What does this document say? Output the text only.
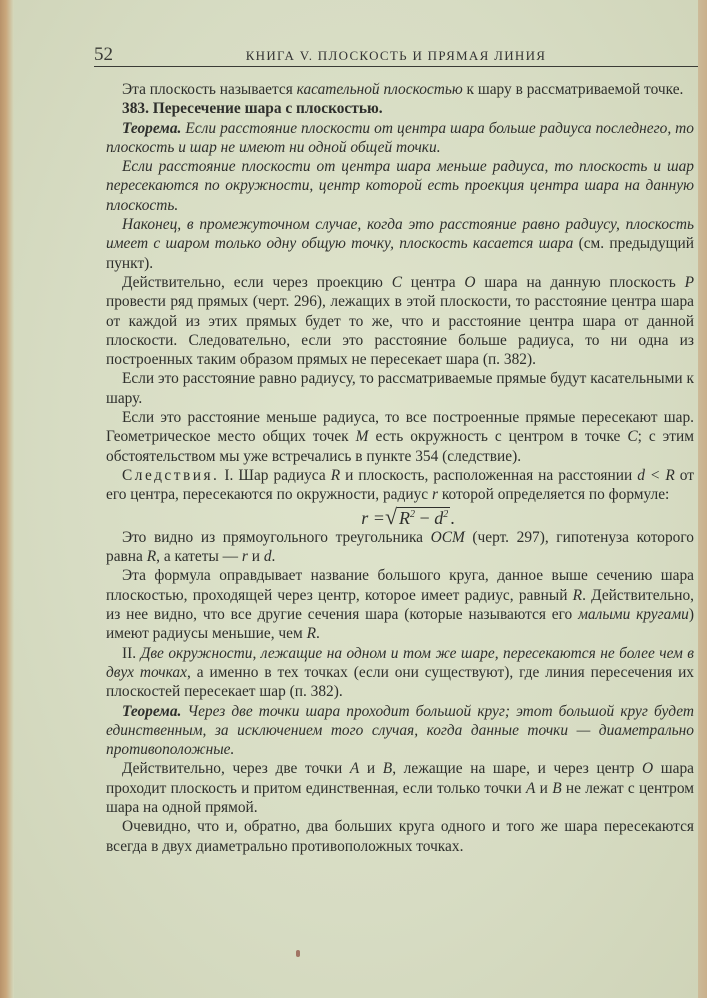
52	КНИГА V. ПЛОСКОСТЬ И ПРЯМАЯ ЛИНИЯ

Эта плоскость называется касательной плоскостью к шару в рассматриваемой точке.

383. Пересечение шара с плоскостью.

Теорема. Если расстояние плоскости от центра шара больше радиуса последнего, то плоскость и шар не имеют ни одной общей точки.

Если расстояние плоскости от центра шара меньше радиуса, то плоскость и шар пересекаются по окружности, центр которой есть проекция центра шара на данную плоскость.

Наконец, в промежуточном случае, когда это расстояние равно радиусу, плоскость имеет с шаром только одну общую точку, плоскость касается шара (см. предыдущий пункт).

Действительно, если через проекцию C центра O шара на данную плоскость P провести ряд прямых (черт. 296), лежащих в этой плоскости, то расстояние центра шара от каждой из этих прямых будет то же, что и расстояние центра шара от данной плоскости. Следовательно, если это расстояние больше радиуса, то ни одна из построенных таким образом прямых не пересекает шара (п. 382).

Если это расстояние равно радиусу, то рассматриваемые прямые будут касательными к шару.

Если это расстояние меньше радиуса, то все построенные прямые пересекают шар. Геометрическое место общих точек M есть окружность с центром в точке C; с этим обстоятельством мы уже встречались в пункте 354 (следствие).

Следствия. I. Шар радиуса R и плоскость, расположенная на расстоянии d < R от его центра, пересекаются по окружности, радиус r которой определяется по формуле:

r =√ $R^2 - d^2$ .

Это видно из прямоугольного треугольника OCM (черт. 297), гипотенуза которого равна R, а катеты — r и d.

Эта формула оправдывает название большого круга, данное выше сечению шара плоскостью, проходящей через центр, которое имеет радиус, равный R. Действительно, из нее видно, что все другие сечения шара (которые называются его малыми кругами) имеют радиусы меньшие, чем R.

II. Две окружности, лежащие на одном и том же шаре, пересекаются не более чем в двух точках, а именно в тех точках (если они существуют), где линия пересечения их плоскостей пересекает шар (п. 382).

Теорема. Через две точки шара проходит большой круг; этот большой круг будет единственным, за исключением того случая, когда данные точки — диаметрально противоположные.

Действительно, через две точки A и B, лежащие на шаре, и через центр O шара проходит плоскость и притом единственная, если только точки A и B не лежат с центром шара на одной прямой.

Очевидно, что и, обратно, два больших круга одного и того же шара пересекаются всегда в двух диаметрально противоположных точках.
